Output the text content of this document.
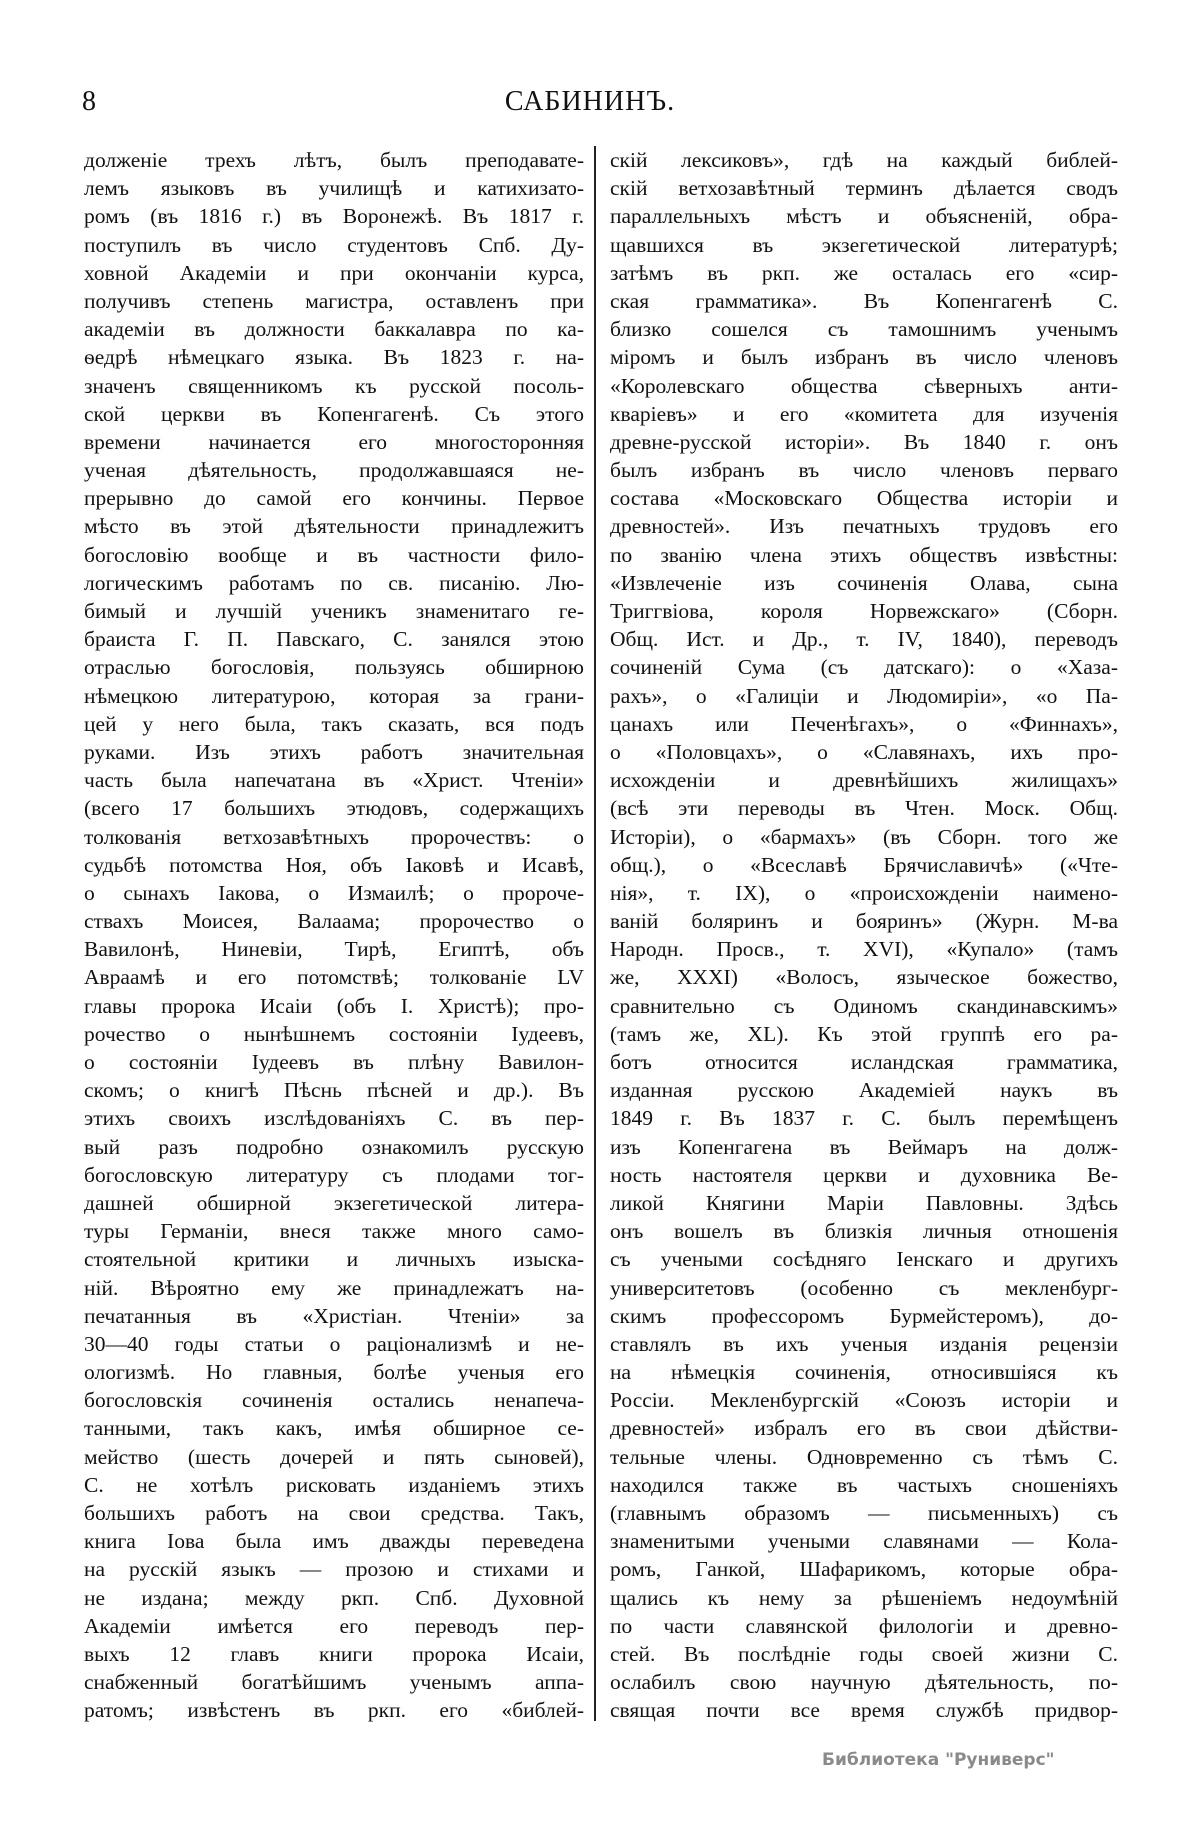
8	САБИНИНЪ.
долженіе трехъ лѣтъ, былъ преподавате-
лемъ языковъ въ училищѣ и катихизато-
ромъ (въ 1816 г.) въ Воронежѣ. Въ 1817 г.
поступилъ въ число студентовъ Спб. Ду-
ховной Академіи и при окончаніи курса,
получивъ степень магистра, оставленъ при
академіи въ должности баккалавра по ка-
ѳедрѣ нѣмецкаго языка. Въ 1823 г. на-
значенъ священникомъ къ русской посоль-
ской церкви въ Копенгагенѣ. Съ этого
времени начинается его многосторонняя
ученая дѣятельность, продолжавшаяся не-
прерывно до самой его кончины. Первое
мѣсто въ этой дѣятельности принадлежитъ
богословію вообще и въ частности фило-
логическимъ работамъ по св. писанію. Лю-
бимый и лучшій ученикъ знаменитаго ге-
браиста Г. П. Павскаго, С. занялся этою
отраслью богословія, пользуясь обширною
нѣмецкою литературою, которая за грани-
цей у него была, такъ сказать, вся подъ
руками. Изъ этихъ работъ значительная
часть была напечатана въ «Христ. Чтеніи»
(всего 17 большихъ этюдовъ, содержащихъ
толкованія ветхозавѣтныхъ пророчествъ: о
судьбѣ потомства Ноя, объ Іаковѣ и Исавѣ,
о сынахъ Іакова, о Измаилѣ; о пророче-
ствахъ Моисея, Валаама; пророчество о
Вавилонѣ, Ниневіи, Тирѣ, Египтѣ, объ
Авраамѣ и его потомствѣ; толкованіе LV
главы пророка Исаіи (объ І. Христѣ); про-
рочество о нынѣшнемъ состояніи Іудеевъ,
о состояніи Іудеевъ въ плѣну Вавилон-
скомъ; о книгѣ Пѣснь пѣсней и др.). Въ
этихъ своихъ изслѣдованіяхъ С. въ пер-
вый разъ подробно ознакомилъ русскую
богословскую литературу съ плодами тог-
дашней обширной экзегетической литера-
туры Германіи, внеся также много само-
стоятельной критики и личныхъ изыска-
ній. Вѣроятно ему же принадлежатъ на-
печатанныя въ «Христіан. Чтеніи» за
30—40 годы статьи о раціонализмѣ и не-
ологизмѣ. Но главныя, болѣе ученыя его
богословскія сочиненія остались ненапеча-
танными, такъ какъ, имѣя обширное се-
мейство (шесть дочерей и пять сыновей),
С. не хотѣлъ рисковать изданіемъ этихъ
большихъ работъ на свои средства. Такъ,
книга Іова была имъ дважды переведена
на русскій языкъ — прозою и стихами и
не издана; между ркп. Спб. Духовной
Академіи имѣется его переводъ пер-
выхъ 12 главъ книги пророка Исаіи,
снабженный богатѣйшимъ ученымъ аппа-
ратомъ; извѣстенъ въ ркп. его «библей-
скій лексиковъ», гдѣ на каждый библей-
скій ветхозавѣтный терминъ дѣлается сводъ
параллельныхъ мѣстъ и объясненій, обра-
щавшихся въ экзегетической литературѣ;
затѣмъ въ ркп. же осталась его «сир-
ская грамматика». Въ Копенгагенѣ С.
близко сошелся съ тамошнимъ ученымъ
міромъ и былъ избранъ въ число членовъ
«Королевскаго общества сѣверныхъ анти-
кваріевъ» и его «комитета для изученія
древне-русской исторіи». Въ 1840 г. онъ
былъ избранъ въ число членовъ перваго
состава «Московскаго Общества исторіи и
древностей». Изъ печатныхъ трудовъ его
по званію члена этихъ обществъ извѣстны:
«Извлеченіе изъ сочиненія Олава, сына
Триггвіова, короля Норвежскаго» (Сборн.
Общ. Ист. и Др., т. IV, 1840), переводъ
сочиненій Сума (съ датскаго): о «Хаза-
рахъ», о «Галиціи и Людомиріи», «о Па-
цанахъ или Печенѣгахъ», о «Финнахъ»,
о «Половцахъ», о «Славянахъ, ихъ про-
исхожденіи и древнѣйшихъ жилищахъ»
(всѣ эти переводы въ Чтен. Моск. Общ.
Исторіи), о «бармахъ» (въ Сборн. того же
общ.), о «Всеславѣ Брячиславичѣ» («Чте-
нія», т. IX), о «происхожденіи наимено-
ваній боляринъ и бояринъ» (Журн. М-ва
Народн. Просв., т. XVI), «Купало» (тамъ
же, XXXI) «Волосъ, языческое божество,
сравнительно съ Одиномъ скандинавскимъ»
(тамъ же, XL). Къ этой группѣ его ра-
ботъ относится исландская грамматика,
изданная русскою Академіей наукъ въ
1849 г. Въ 1837 г. С. былъ перемѣщенъ
изъ Копенгагена въ Веймаръ на долж-
ность настоятеля церкви и духовника Ве-
ликой Княгини Маріи Павловны. Здѣсь
онъ вошелъ въ близкія личныя отношенія
съ учеными сосѣдняго Іенскаго и другихъ
университетовъ (особенно съ мекленбург-
скимъ профессоромъ Бурмейстеромъ), до-
ставлялъ въ ихъ ученыя изданія рецензіи
на нѣмецкія сочиненія, относившіяся къ
Россіи. Мекленбургскій «Союзъ исторіи и
древностей» избралъ его въ свои дѣйстви-
тельные члены. Одновременно съ тѣмъ С.
находился также въ частыхъ сношеніяхъ
(главнымъ образомъ — письменныхъ) съ
знаменитыми учеными славянами — Кола-
ромъ, Ганкой, Шафарикомъ, которые обра-
щались къ нему за рѣшеніемъ недоумѣній
по части славянской филологіи и древно-
стей. Въ послѣдніе годы своей жизни С.
ослабилъ свою научную дѣятельность, по-
свящая почти все время службѣ придвор-
Библиотека "Руниверс"
